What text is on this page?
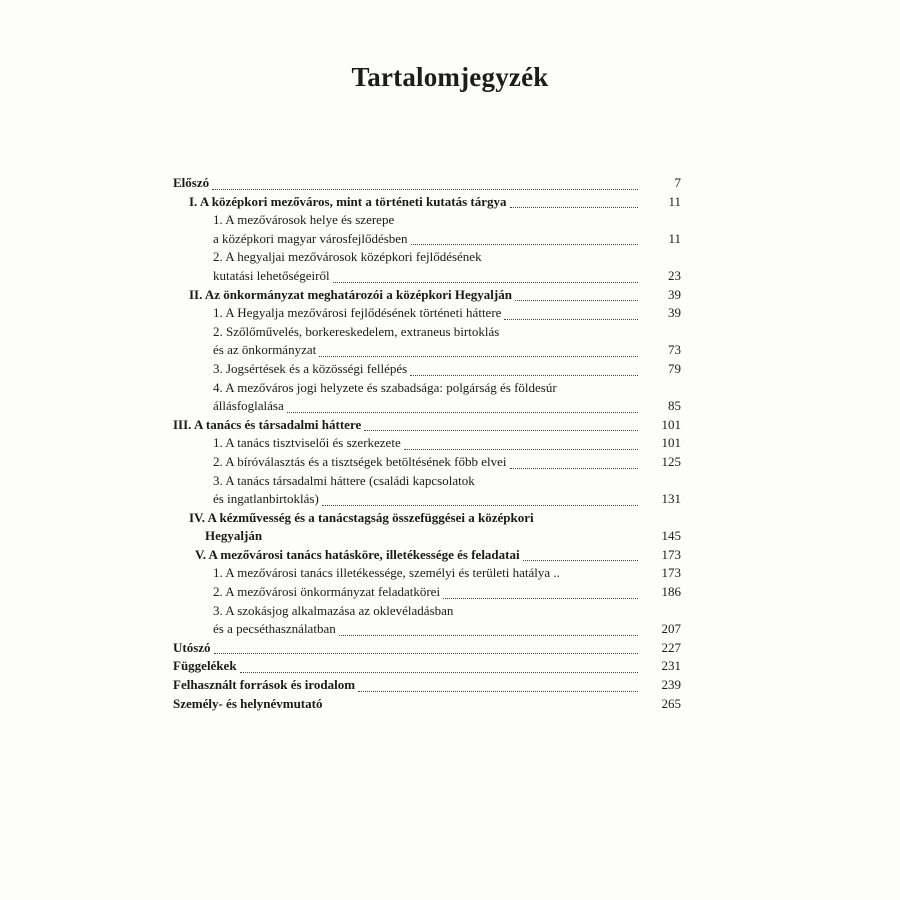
Tartalomjegyzék
Előszó	7
I. A középkori mezőváros, mint a történeti kutatás tárgya	11
1. A mezővárosok helye és szerepe
a középkori magyar városfejlődésben	11
2. A hegyaljai mezővárosok középkori fejlődésének
kutatási lehetőségeiről	23
II. Az önkormányzat meghatározói a középkori Hegyalján	39
1. A Hegyalja mezővárosi fejlődésének történeti háttere	39
2. Szőlőművelés, borkereskedelem, extraneus birtoklás
és az önkormányzat	73
3. Jogsértések és a közösségi fellépés	79
4. A mezőváros jogi helyzete és szabadsága: polgárság és földesúr
állásfoglalása	85
III. A tanács és társadalmi háttere	101
1. A tanács tisztviselői és szerkezete	101
2. A bíróválasztás és a tisztségek betöltésének főbb elvei	125
3. A tanács társadalmi háttere (családi kapcsolatok
és ingatlanbirtoklás)	131
IV. A kézművesség és a tanácstagság összefüggései a középkori
Hegyalján	145
V. A mezővárosi tanács hatásköre, illetékessége és feladatai	173
1. A mezővárosi tanács illetékessége, személyi és területi hatálya ..	173
2. A mezővárosi önkormányzat feladatkörei	186
3. A szokásjog alkalmazása az oklevéladásban
és a pecséthasználatban	207
Utószó	227
Függelékek	231
Felhasznált források és irodalom	239
Személy- és helynévmutató	265
